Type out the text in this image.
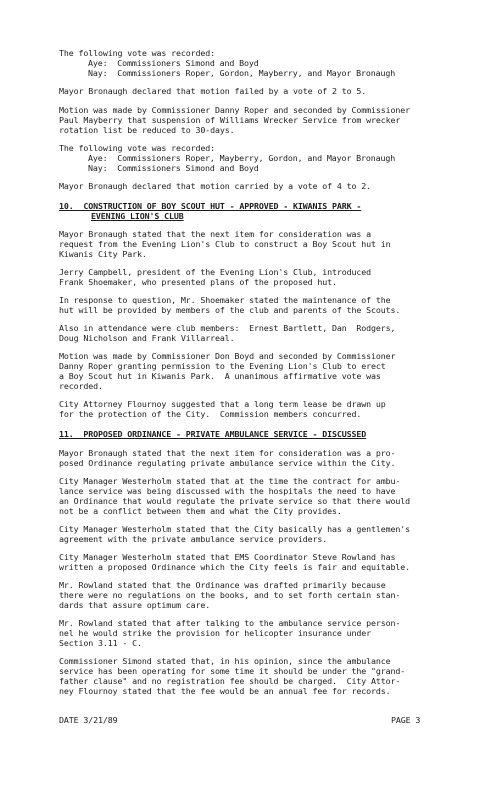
The following vote was recorded:
Aye:  Commissioners Simond and Boyd
Nay:  Commissioners Roper, Gordon, Mayberry, and Mayor Bronaugh
Mayor Bronaugh declared that motion failed by a vote of 2 to 5.
Motion was made by Commissioner Danny Roper and seconded by Commissioner
Paul Mayberry that suspension of Williams Wrecker Service from wrecker
rotation list be reduced to 30-days.
The following vote was recorded:
Aye:  Commissioners Roper, Mayberry, Gordon, and Mayor Bronaugh
Nay:  Commissioners Simond and Boyd
Mayor Bronaugh declared that motion carried by a vote of 4 to 2.
10.  CONSTRUCTION OF BOY SCOUT HUT - APPROVED - KIWANIS PARK -
EVENING LION'S CLUB
Mayor Bronaugh stated that the next item for consideration was a
request from the Evening Lion's Club to construct a Boy Scout hut in
Kiwanis City Park.
Jerry Campbell, president of the Evening Lion's Club, introduced
Frank Shoemaker, who presented plans of the proposed hut.
In response to question, Mr. Shoemaker stated the maintenance of the
hut will be provided by members of the club and parents of the Scouts.
Also in attendance were club members:  Ernest Bartlett, Dan  Rodgers,
Doug Nicholson and Frank Villarreal.
Motion was made by Commissioner Don Boyd and seconded by Commissioner
Danny Roper granting permission to the Evening Lion's Club to erect
a Boy Scout hut in Kiwanis Park.  A unanimous affirmative vote was
recorded.
City Attorney Flournoy suggested that a long term lease be drawn up
for the protection of the City.  Commission members concurred.
11.  PROPOSED ORDINANCE - PRIVATE AMBULANCE SERVICE - DISCUSSED
Mayor Bronaugh stated that the next item for consideration was a pro-
posed Ordinance regulating private ambulance service within the City.
City Manager Westerholm stated that at the time the contract for ambu-
lance service was being discussed with the hospitals the need to have
an Ordinance that would regulate the private service so that there would
not be a conflict between them and what the City provides.
City Manager Westerholm stated that the City basically has a gentlemen's
agreement with the private ambulance service providers.
City Manager Westerholm stated that EMS Coordinator Steve Rowland has
written a proposed Ordinance which the City feels is fair and equitable.
Mr. Rowland stated that the Ordinance was drafted primarily because
there were no regulations on the books, and to set forth certain stan-
dards that assure optimum care.
Mr. Rowland stated that after talking to the ambulance service person-
nel he would strike the provision for helicopter insurance under
Section 3.11 - C.
Commissioner Simond stated that, in his opinion, since the ambulance
service has been operating for some time it should be under the "grand-
father clause" and no registration fee should be charged.  City Attor-
ney Flournoy stated that the fee would be an annual fee for records.
DATE 3/21/89	PAGE 3
